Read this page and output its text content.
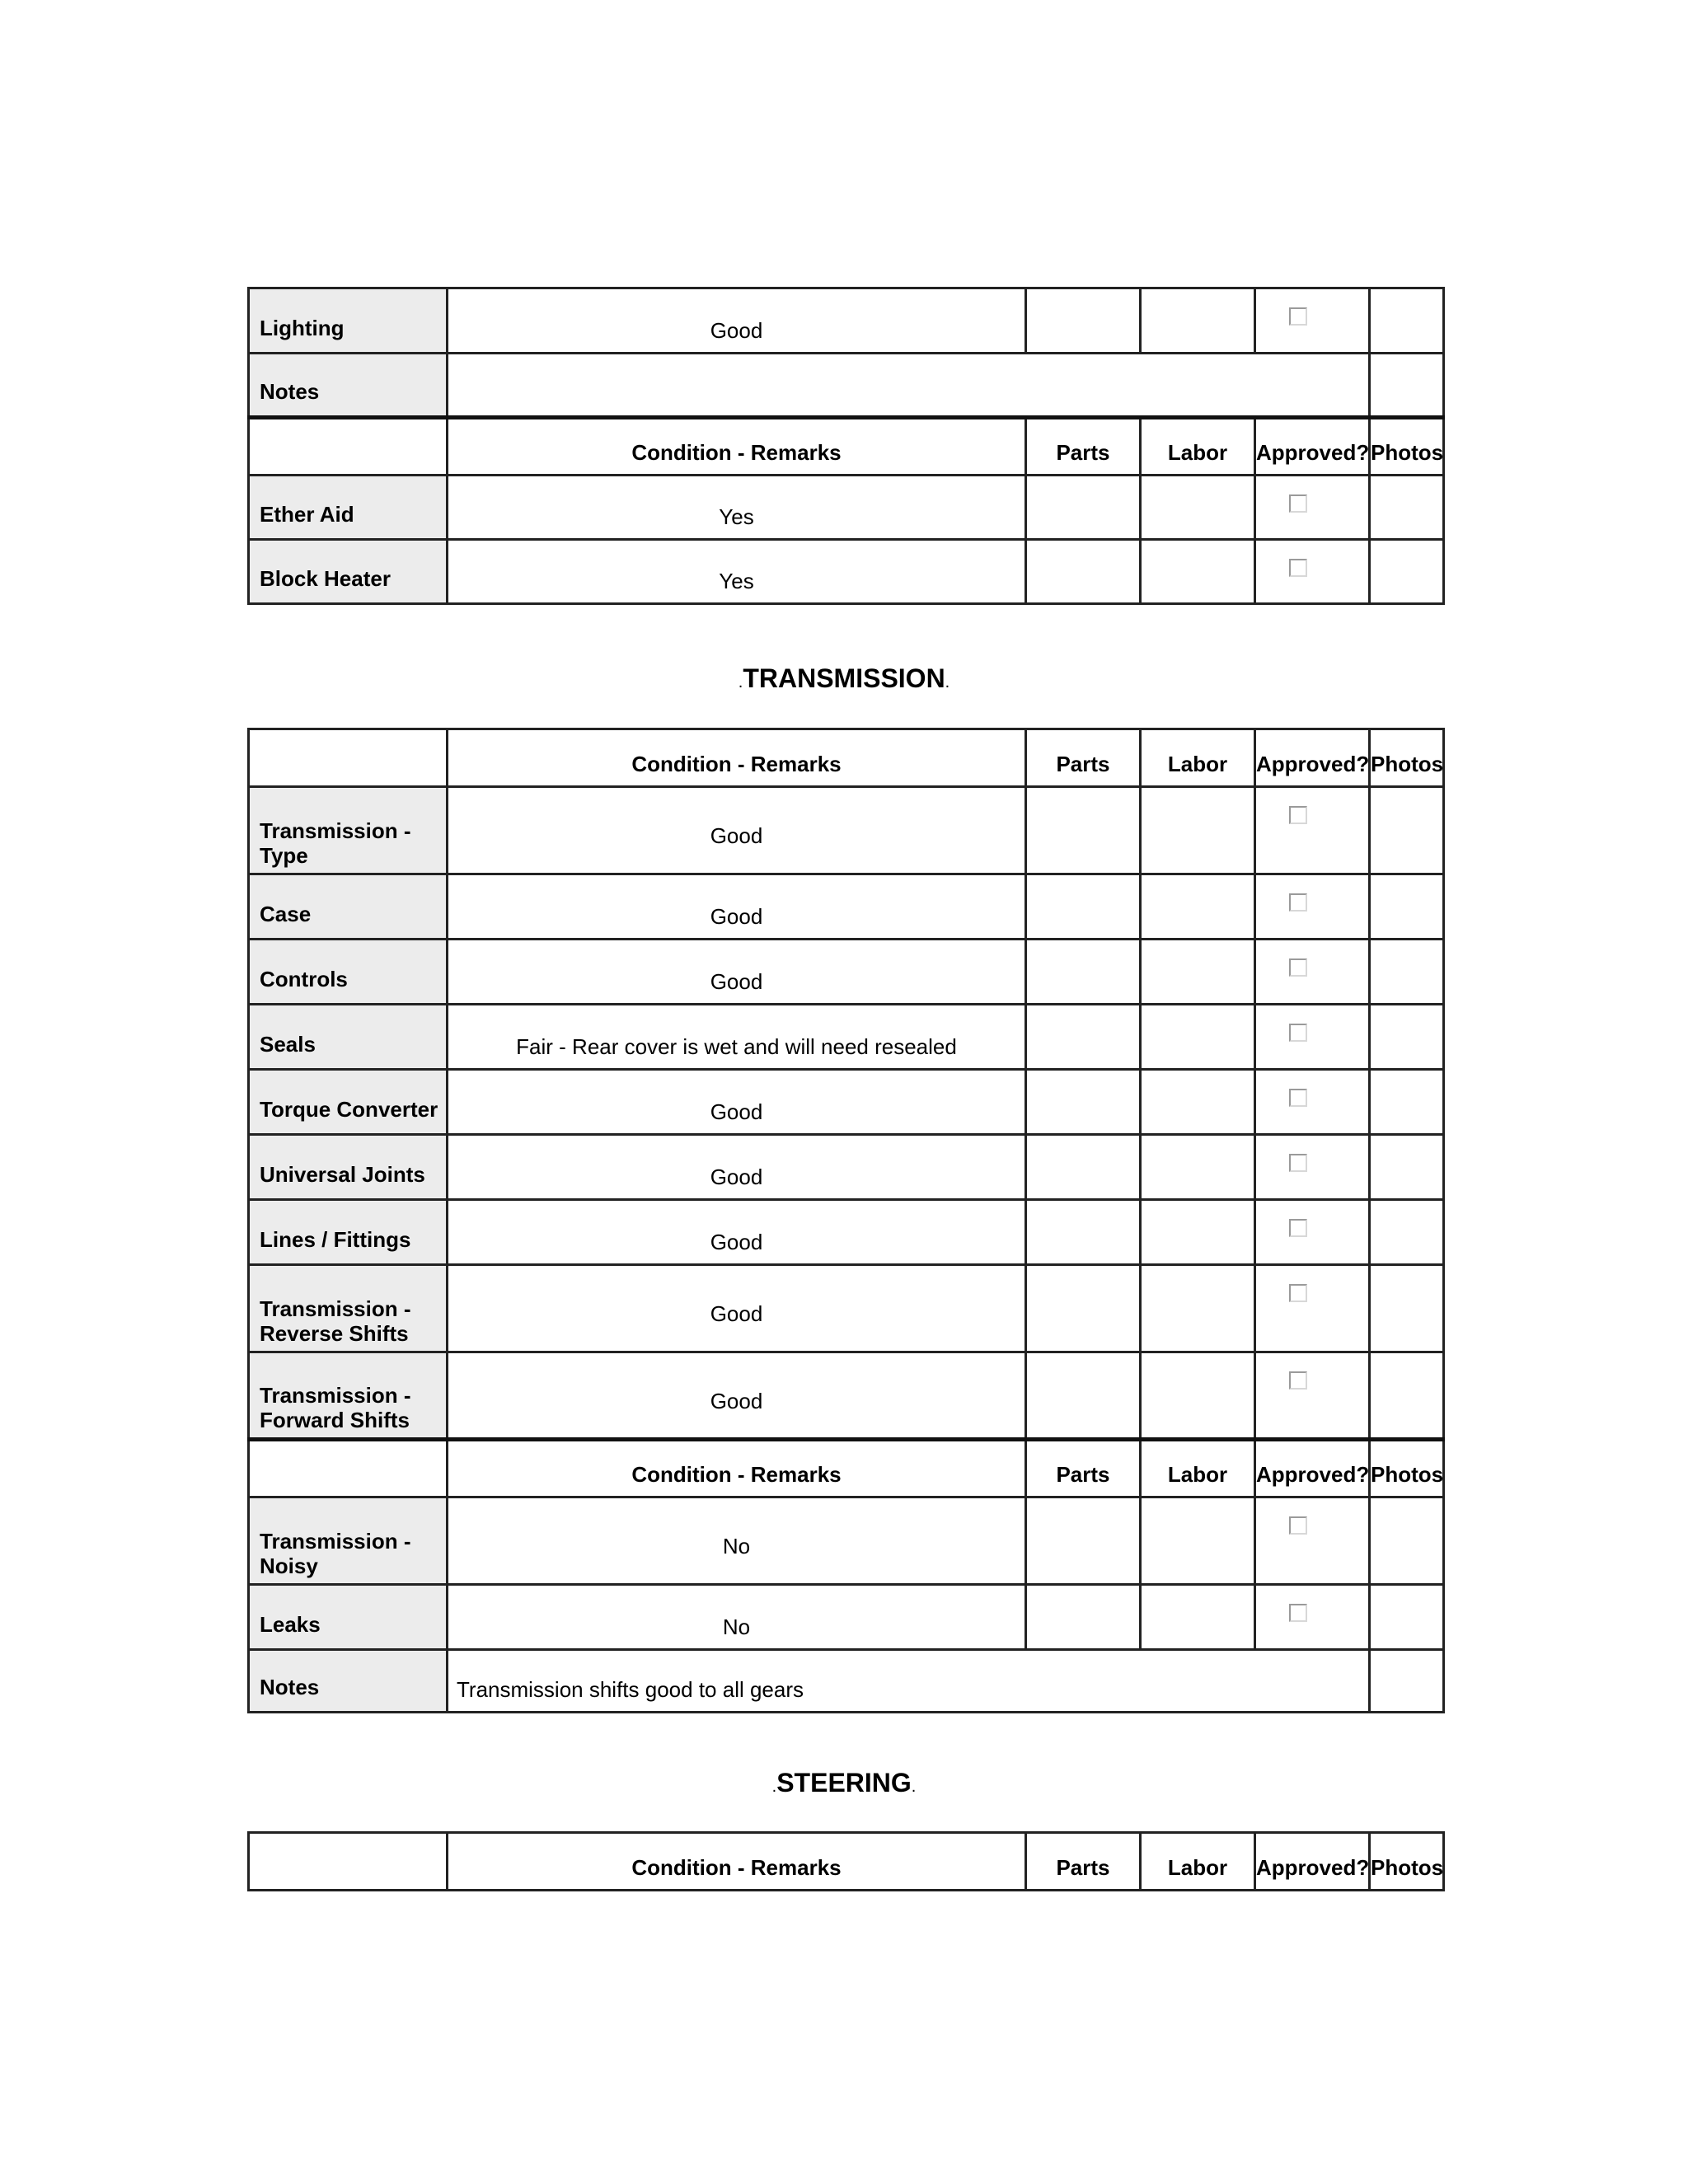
Lighting	Good			

Notes					
	Condition - Remarks	Parts	Labor	Approved?	Photos
Ether Aid	Yes			

Block Heater	Yes			

.TRANSMISSION.
	Condition - Remarks	Parts	Labor	Approved?	Photos
Transmission - Type	Good			

Case	Good			

Controls	Good			

Seals	Fair - Rear cover is wet and will need resealed			

Torque Converter	Good			

Universal Joints	Good			

Lines / Fittings	Good			

Transmission - Reverse Shifts	Good			

Transmission - Forward Shifts	Good			

	Condition - Remarks	Parts	Labor	Approved?	Photos
Transmission - Noisy	No			

Leaks	No			

Notes	Transmission shifts good to all gears				
.STEERING.
	Condition - Remarks	Parts	Labor	Approved?	Photos
